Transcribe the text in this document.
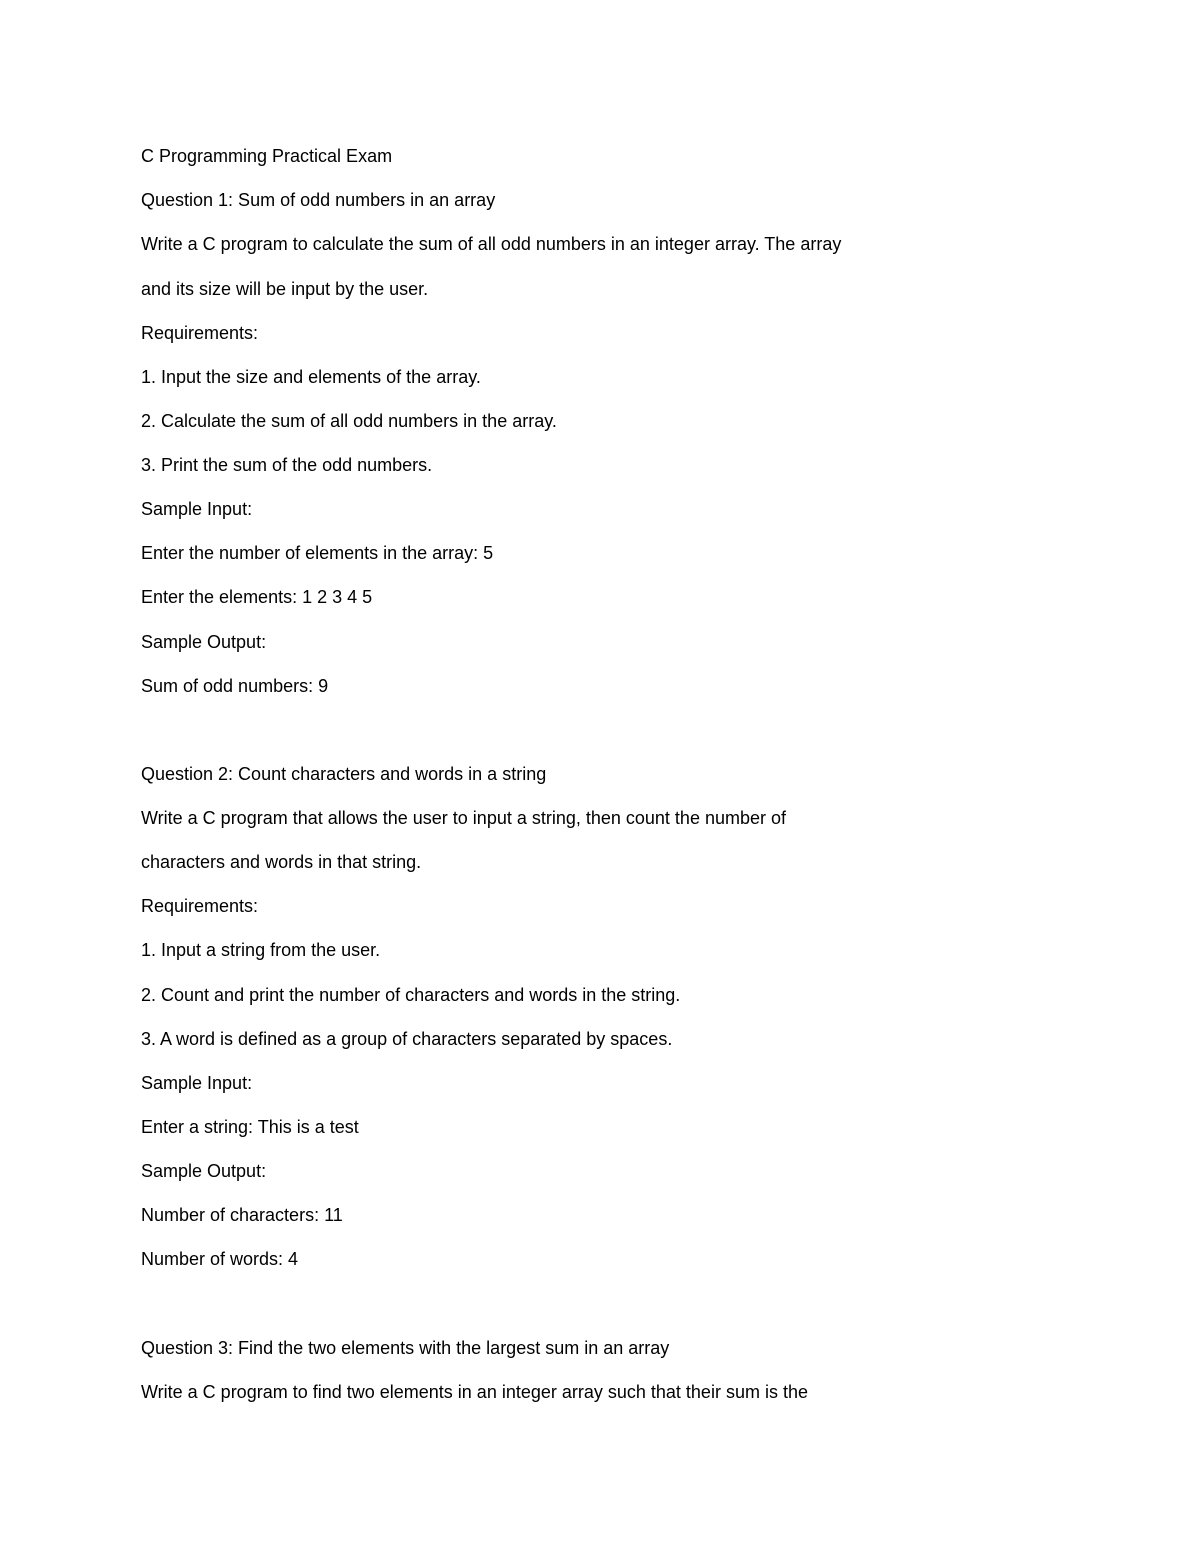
C Programming Practical Exam

Question 1: Sum of odd numbers in an array

Write a C program to calculate the sum of all odd numbers in an integer array. The array

and its size will be input by the user.

Requirements:

1. Input the size and elements of the array.

2. Calculate the sum of all odd numbers in the array.

3. Print the sum of the odd numbers.

Sample Input:

Enter the number of elements in the array: 5

Enter the elements: 1 2 3 4 5

Sample Output:

Sum of odd numbers: 9

Question 2: Count characters and words in a string

Write a C program that allows the user to input a string, then count the number of

characters and words in that string.

Requirements:

1. Input a string from the user.

2. Count and print the number of characters and words in the string.

3. A word is defined as a group of characters separated by spaces.

Sample Input:

Enter a string: This is a test

Sample Output:

Number of characters: 11

Number of words: 4

Question 3: Find the two elements with the largest sum in an array

Write a C program to find two elements in an integer array such that their sum is the
